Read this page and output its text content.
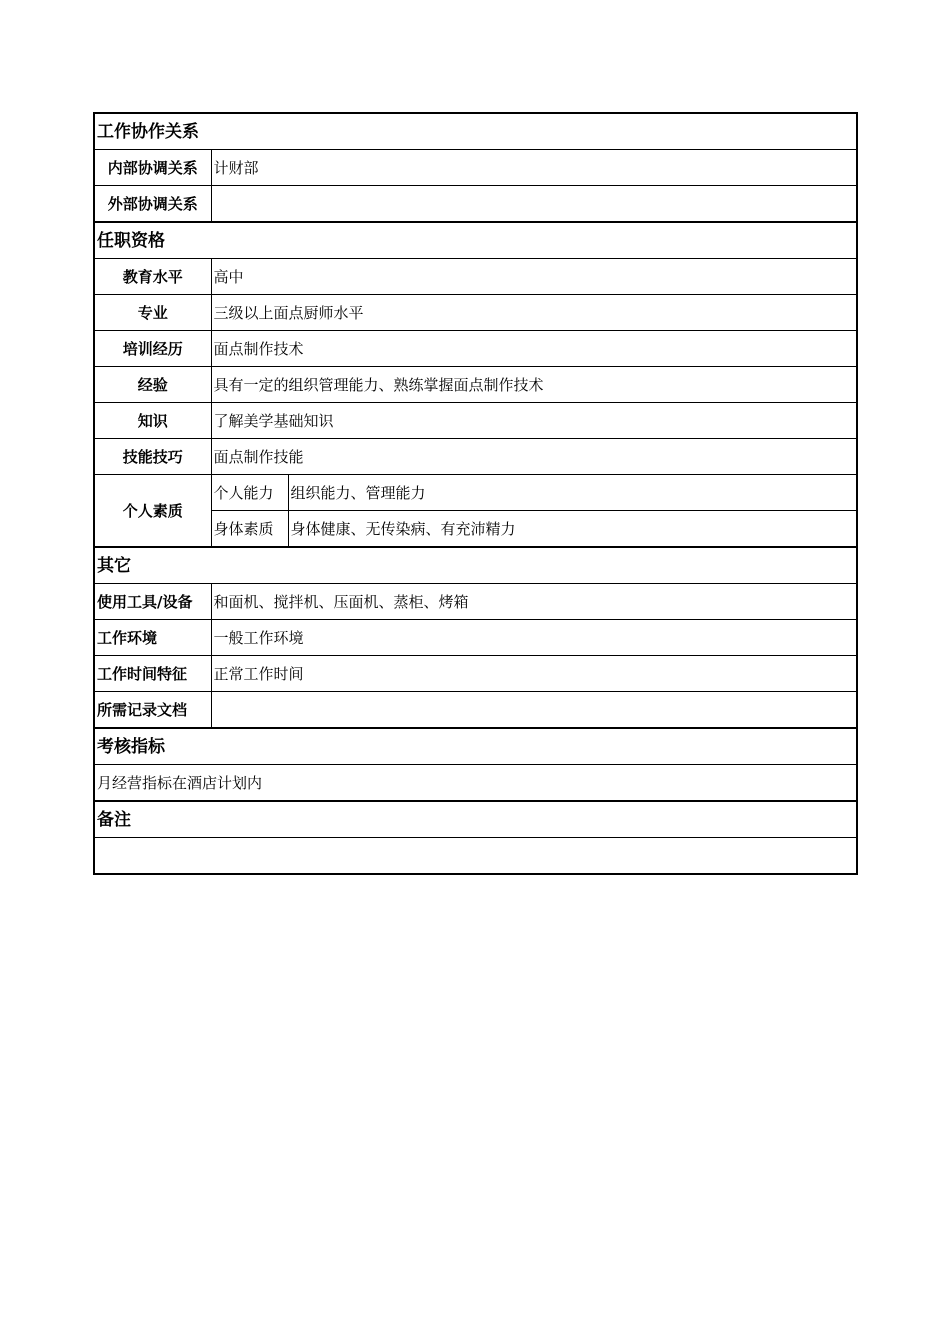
工作协作关系		
内部协调关系	计财部	
外部协调关系		
任职资格		
教育水平	高中	
专业	三级以上面点厨师水平	
培训经历	面点制作技术	
经验	具有一定的组织管理能力、熟练掌握面点制作技术	
知识	了解美学基础知识	
技能技巧	面点制作技能	
个人素质	个人能力	组织能力、管理能力
	身体素质	身体健康、无传染病、有充沛精力
其它		
使用工具/设备	和面机、搅拌机、压面机、蒸柜、烤箱	
工作环境	一般工作环境	
工作时间特征	正常工作时间	
所需记录文档		
考核指标		
月经营指标在酒店计划内		
备注		
